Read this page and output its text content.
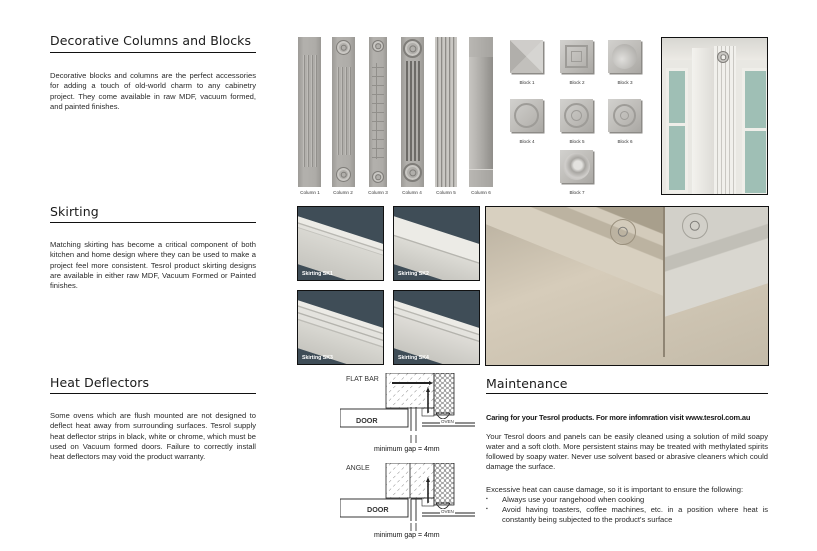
Decorative Columns and Blocks
Decorative blocks and columns are the perfect accessories for adding a touch of old-world charm to any cabinetry project. They come available in raw MDF, vacuum formed, and painted finishes.
Column 1	Column 2	Column 3	Column 4	Column 5	Column 6
Block 1	Block 2	Block 3
Block 4	Block 5	Block 6
Block 7
Skirting
Matching skirting has become a critical component of both kitchen and home design where they can be used to make a project feel more consistent. Tesrol product skirting designs are available in either raw MDF, Vacuum Formed or Painted finishes.
Skirting SK1	Skirting SK2
Skirting SK3	Skirting SK4
Heat Deflectors
Some ovens which are flush mounted are not designed to deflect heat away from surrounding surfaces. Tesrol supply heat deflector strips in black, white or chrome, which must be used on Vacuum formed doors. Failure to correctly install heat deflectors may void the product warranty.
FLAT BAR
DOOR	OVEN
minimum gap = 4mm
ANGLE
DOOR	OVEN
minimum gap = 4mm
Maintenance
Caring for your Tesrol products. For more infomration visit www.tesrol.com.au
Your Tesrol doors and panels can be easily cleaned using a solution of mild soapy water and a soft cloth. More persistent stains may be treated with methylated spirits followed by soapy water. Never use solvent based or abrasive cleaners which could damage the surface.
Excessive heat can cause damage, so it is important to ensure the following:
▪ Always use your rangehood when cooking
▪ Avoid having toasters, coffee machines, etc. in a position where heat is constantly being subjected to the product's surface
